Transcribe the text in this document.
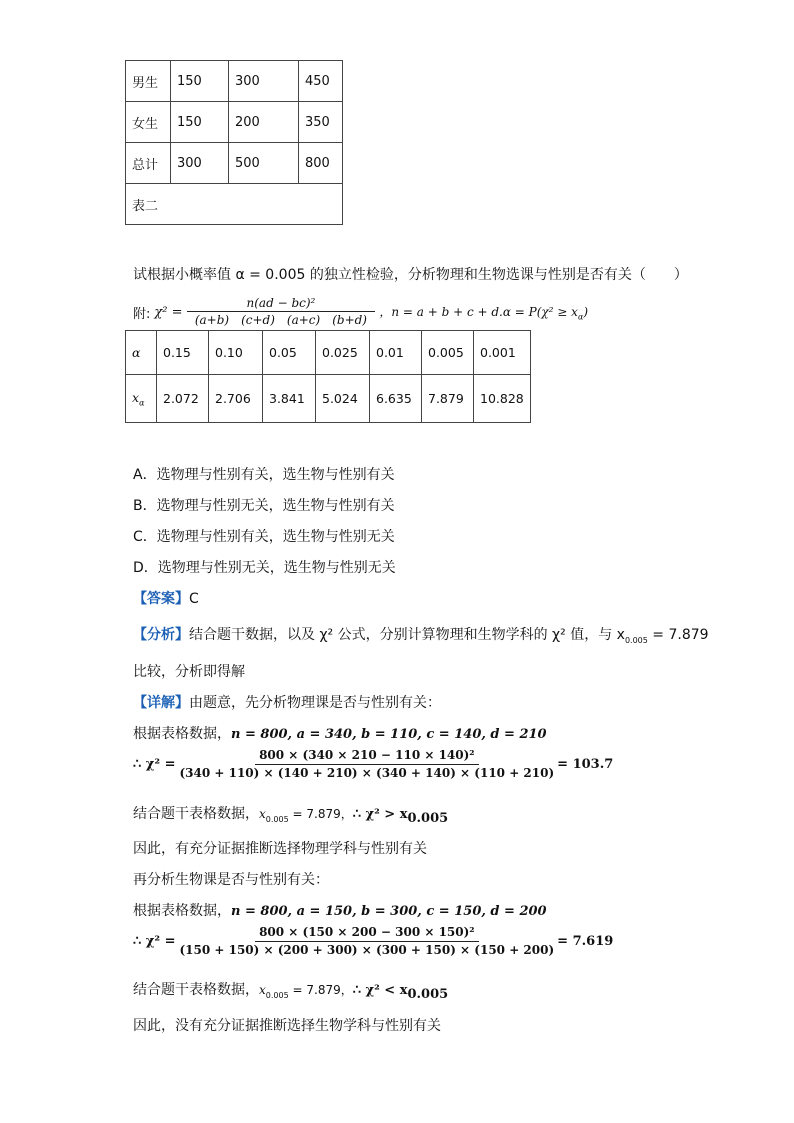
男生	150	300	450
女生	150	200	350
总计	300	500	800
表二			
试根据小概率值 α = 0.005 的独立性检验，分析物理和生物选课与性别是否有关（　　）
附: $\chi^2 = \frac{\text{n(ad − bc)²}}{(a+b) (c+d) (a+c) (b+d)}$ ，$n = a + b + c + d.\alpha = P(\chi^2 \ge x_\alpha)$
α	0.15	0.10	0.05	0.025	0.01	0.005	0.001
$x_\alpha$	2.072	2.706	3.841	5.024	6.635	7.879	10.828
A．选物理与性别有关，选生物与性别有关
B．选物理与性别无关，选生物与性别有关
C．选物理与性别有关，选生物与性别无关
D．选物理与性别无关，选生物与性别无关
【答案】C
【分析】结合题干数据，以及 χ² 公式，分别计算物理和生物学科的 χ² 值，与 $x_{0.005} = 7.879$
比较，分析即得解
【详解】由题意，先分析物理课是否与性别有关：
根据表格数据，n = 800, a = 340, b = 110, c = 140, d = 210
∴ $\chi^2 = \frac{\text{800 × (340 × 210 − 110 × 140)²}}{(340 + 110) \times (140 + 210) \times (340 + 140) \times (110 + 210)} = 103.7$
结合题干表格数据，$x_{0.005} = 7.879$，∴ $\chi^2 > x_{0.005}$
因此，有充分证据推断选择物理学科与性别有关
再分析生物课是否与性别有关：
根据表格数据，n = 800, a = 150, b = 300, c = 150, d = 200
∴ $\chi^2 = \frac{\text{800 × (150 × 200 − 300 × 150)²}}{(150 + 150) \times (200 + 300) \times (300 + 150) \times (150 + 200)} = 7.619$
结合题干表格数据，$x_{0.005} = 7.879$，∴ $\chi^2 < x_{0.005}$
因此，没有充分证据推断选择生物学科与性别有关
